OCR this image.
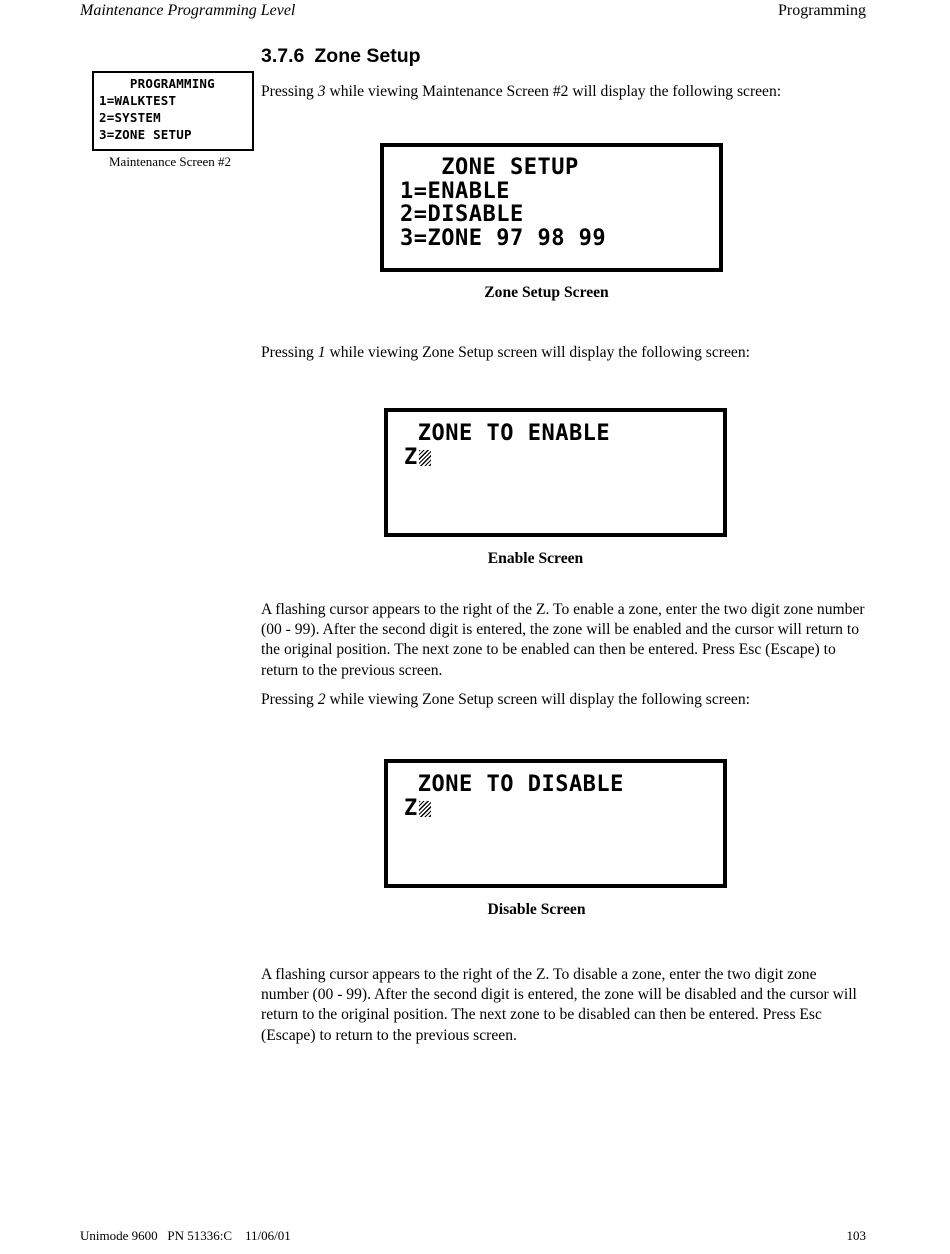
Maintenance Programming Level	Programming
3.7.6 Zone Setup
PROGRAMMING
1=WALKTEST
2=SYSTEM
3=ZONE SETUP
Maintenance Screen #2
Pressing 3 while viewing Maintenance Screen #2 will display the following screen:
ZONE SETUP
1=ENABLE
2=DISABLE
3=ZONE 97 98 99
Zone Setup Screen
Pressing 1 while viewing Zone Setup screen will display the following screen:
ZONE TO ENABLE
Z
Enable Screen
A flashing cursor appears to the right of the Z. To enable a zone, enter the two digit zone number (00 - 99). After the second digit is entered, the zone will be enabled and the cursor will return to the original position. The next zone to be enabled can then be entered. Press Esc (Escape) to return to the previous screen.
Pressing 2 while viewing Zone Setup screen will display the following screen:
ZONE TO DISABLE
Z
Disable Screen
A flashing cursor appears to the right of the Z. To disable a zone, enter the two digit zone number (00 - 99). After the second digit is entered, the zone will be disabled and the cursor will return to the original position. The next zone to be disabled can then be entered. Press Esc (Escape) to return to the previous screen.
Unimode 9600   PN 51336:C    11/06/01	103
